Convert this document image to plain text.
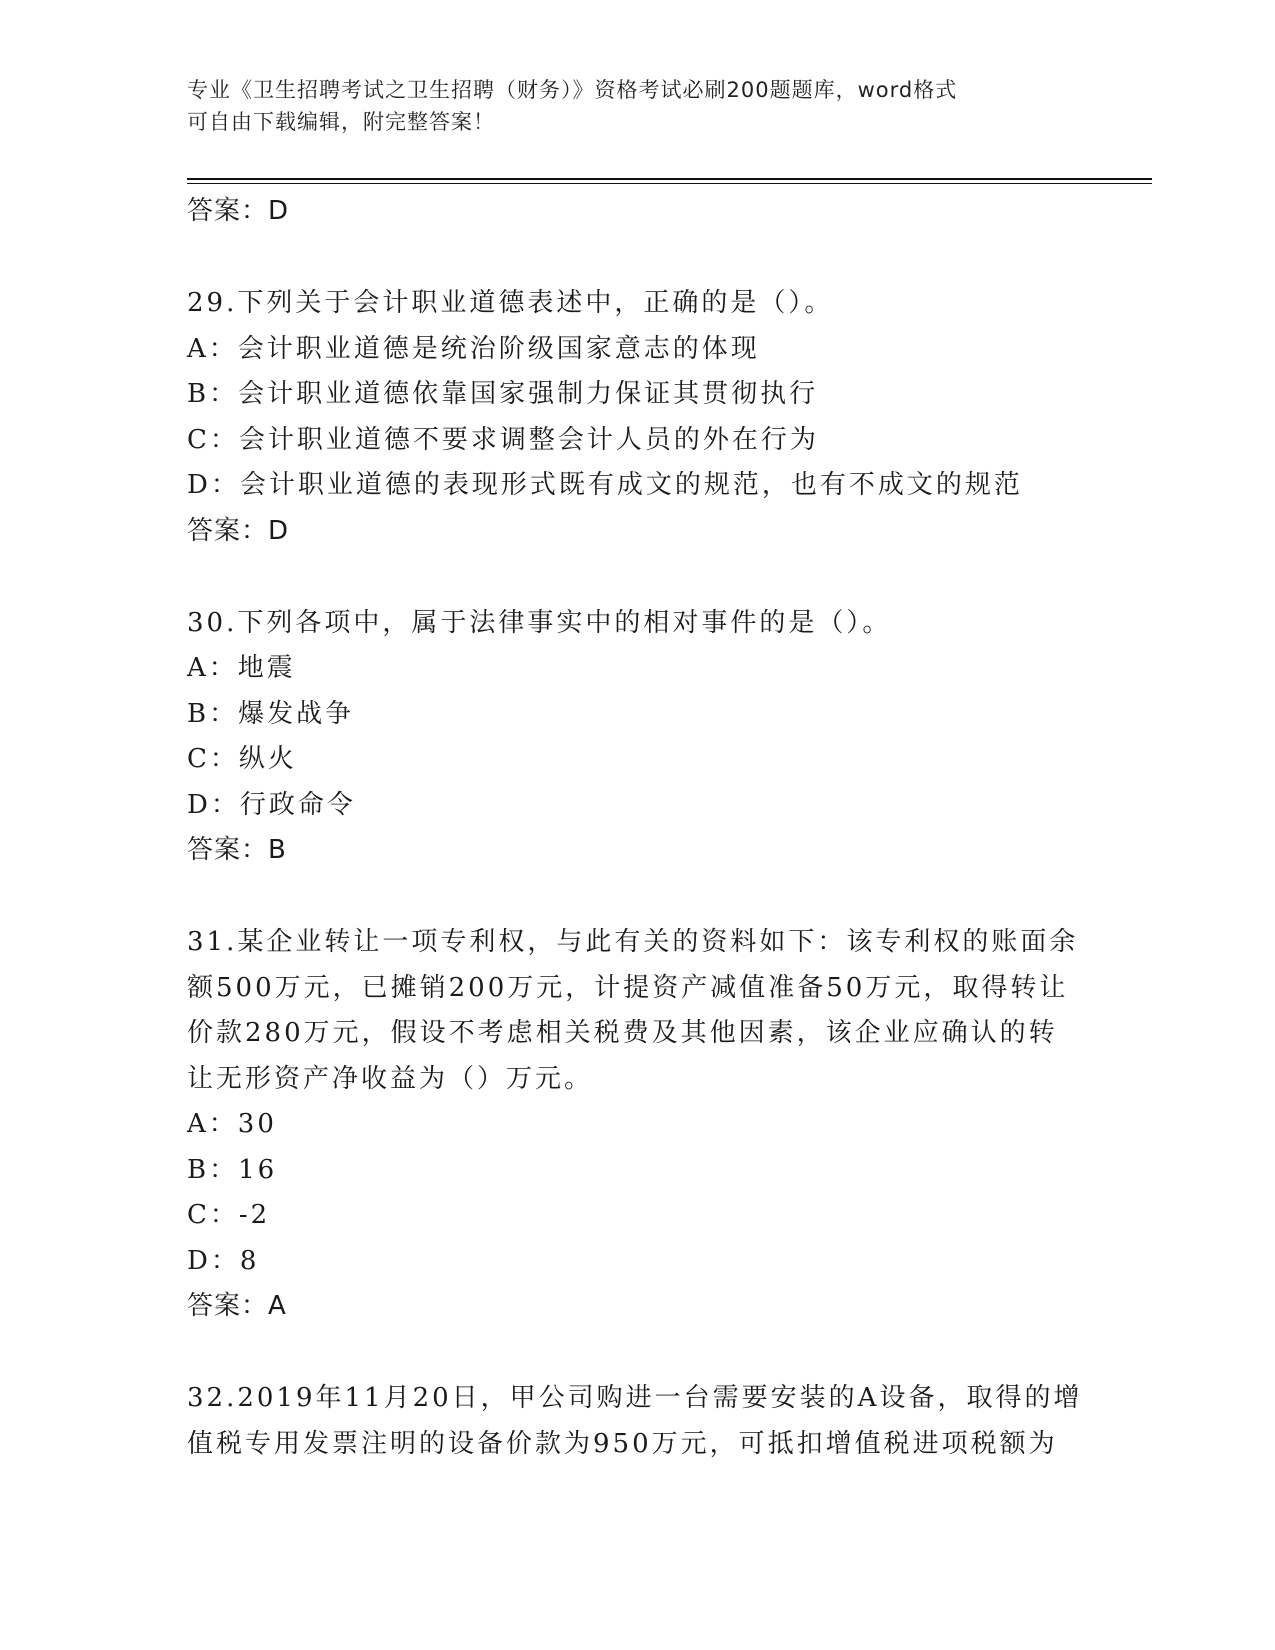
专业《卫生招聘考试之卫生招聘（财务）》资格考试必刷200题题库，word格式
可自由下载编辑，附完整答案！
答案：D
29.下列关于会计职业道德表述中，正确的是（）。
A：会计职业道德是统治阶级国家意志的体现
B：会计职业道德依靠国家强制力保证其贯彻执行
C：会计职业道德不要求调整会计人员的外在行为
D：会计职业道德的表现形式既有成文的规范，也有不成文的规范
答案：D
30.下列各项中，属于法律事实中的相对事件的是（）。
A：地震
B：爆发战争
C：纵火
D：行政命令
答案：B
31.某企业转让一项专利权，与此有关的资料如下：该专利权的账面余
额500万元，已摊销200万元，计提资产减值准备50万元，取得转让
价款280万元，假设不考虑相关税费及其他因素，该企业应确认的转
让无形资产净收益为（）万元。
A：30
B：16
C：-2
D：8
答案：A
32.2019年11月20日，甲公司购进一台需要安装的A设备，取得的增
值税专用发票注明的设备价款为950万元，可抵扣增值税进项税额为
